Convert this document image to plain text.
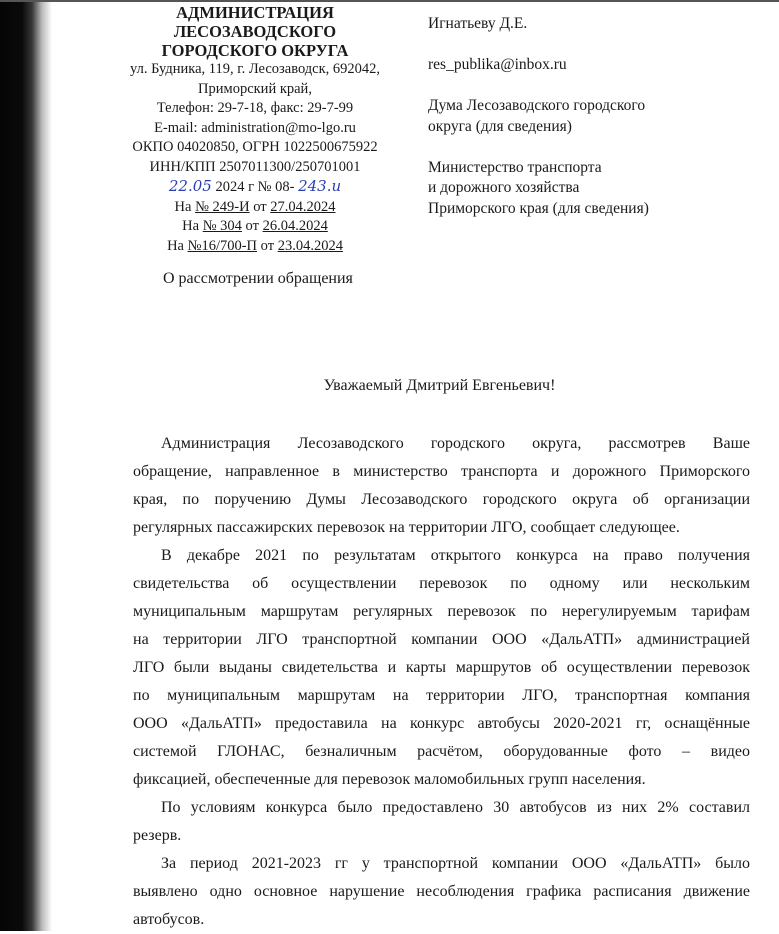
АДМИНИСТРАЦИЯ
ЛЕСОЗАВОДСКОГО
ГОРОДСКОГО ОКРУГА
ул. Будника, 119, г. Лесозаводск, 692042,
Приморский край,
Телефон: 29-7-18, факс: 29-7-99
E-mail: administration@mo-lgo.ru
ОКПО 04020850, ОГРН 1022500675922
ИНН/КПП 2507011300/250701001
22.05 2024 г № 08- 243.и
На № 249-И от 27.04.2024
На № 304 от 26.04.2024
На №16/700-П от 23.04.2024
Игнатьеву Д.Е.
res_publika@inbox.ru
Думa Лесозаводского городского
округа (для сведения)
Министерство транспорта
и дорожного хозяйства
Приморского края (для сведения)
О рассмотрении обращения
Уважаемый Дмитрий Евгеньевич!
Администрация Лесозаводского городского округа, рассмотрев Ваше
обращение, направленное в министерство транспорта и дорожного Приморского
края, по поручению Думы Лесозаводского городского округа об организации
регулярных пассажирских перевозок на территории ЛГО, сообщает следующее.
В декабре 2021 по результатам открытого конкурса на право получения
свидетельства об осуществлении перевозок по одному или нескольким
муниципальным маршрутам регулярных перевозок по нерегулируемым тарифам
на территории ЛГО транспортной компании ООО «ДальАТП» администрацией
ЛГО были выданы свидетельства и карты маршрутов об осуществлении перевозок
по муниципальным маршрутам на территории ЛГО, транспортная компания
ООО «ДальАТП» предоставила на конкурс автобусы 2020-2021 гг, оснащённые
системой ГЛОНАС, безналичным расчётом, оборудованные фото – видео
фиксацией, обеспеченные для перевозок маломобильных групп населения.
По условиям конкурса было предоставлено 30 автобусов из них 2% составил
резерв.
За период 2021-2023 гг у транспортной компании ООО «ДальАТП» было
выявлено одно основное нарушение несоблюдения графика расписания движение
автобусов.
